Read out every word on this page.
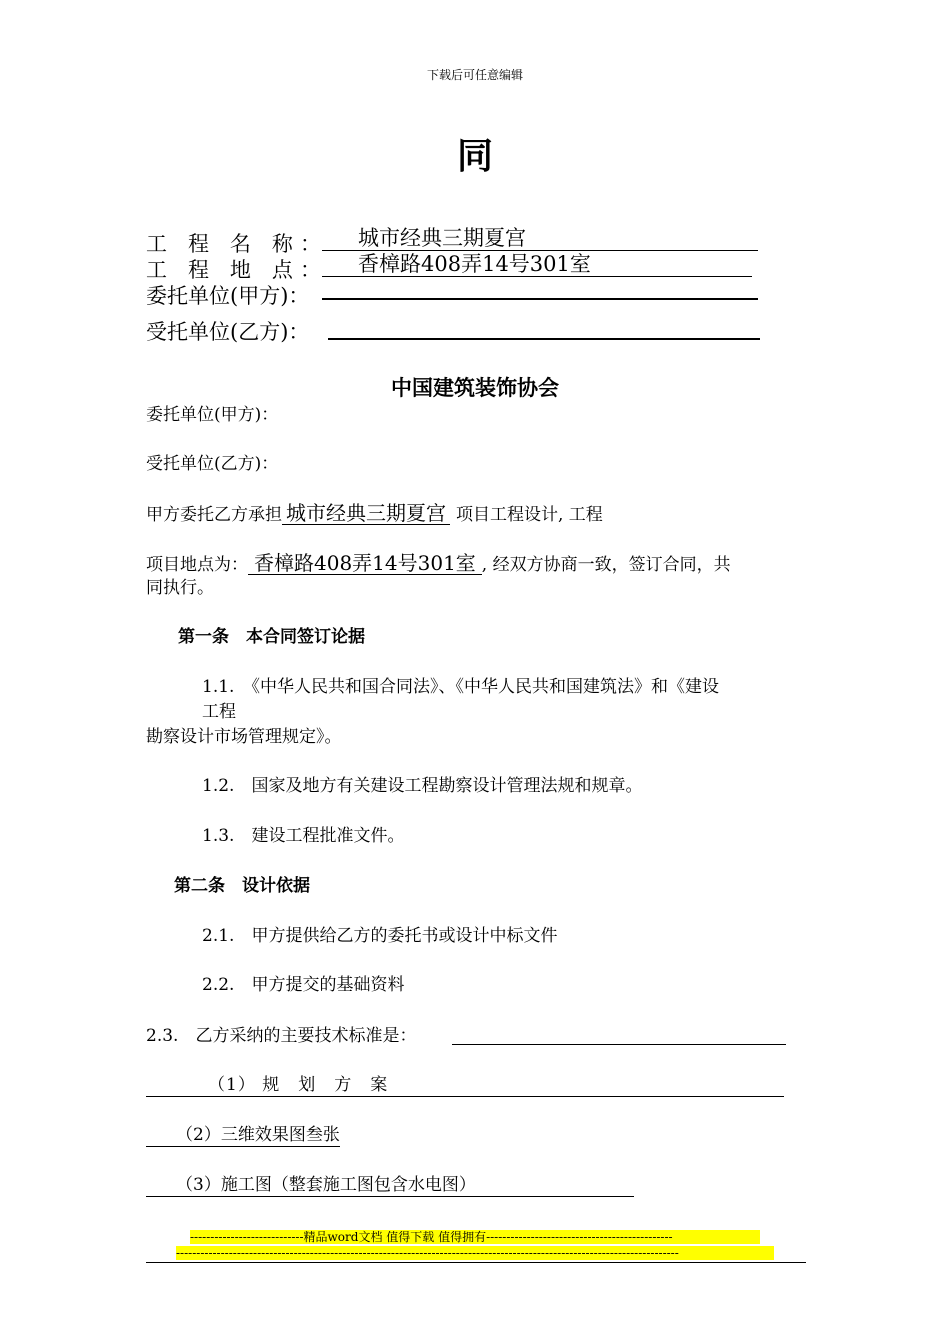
下载后可任意编辑
同
工 程 名 称：	城市经典三期夏宫
工 程 地 点：	香樟路408弄14号301室
委托单位(甲方)：
受托单位(乙方)：
中国建筑装饰协会
委托单位(甲方)：
受托单位(乙方)：
甲方委托乙方承担 城市经典三期夏宫 项目工程设计, 工程
项目地点为： 香樟路408弄14号301室 , 经双方协商一致，签订合同，共
同执行。
第一条　本合同签订论据
1.1.　《中华人民共和国合同法》、《中华人民共和国建筑法》和《建设
工程
勘察设计市场管理规定》。
1.2.　国家及地方有关建设工程勘察设计管理法规和规章。
1.3.　建设工程批准文件。
第二条　设计依据
2.1.　甲方提供给乙方的委托书或设计中标文件
2.2.　甲方提交的基础资料
2.3.　乙方采纳的主要技术标准是：
（1） 规　划　方　案
（2）三维效果图叁张
（3）施工图（整套施工图包含水电图）
----------------------------精品word文档 值得下载 值得拥有----------------------------------------------
----------------------------------------------------------------------------------------------------------------------------
